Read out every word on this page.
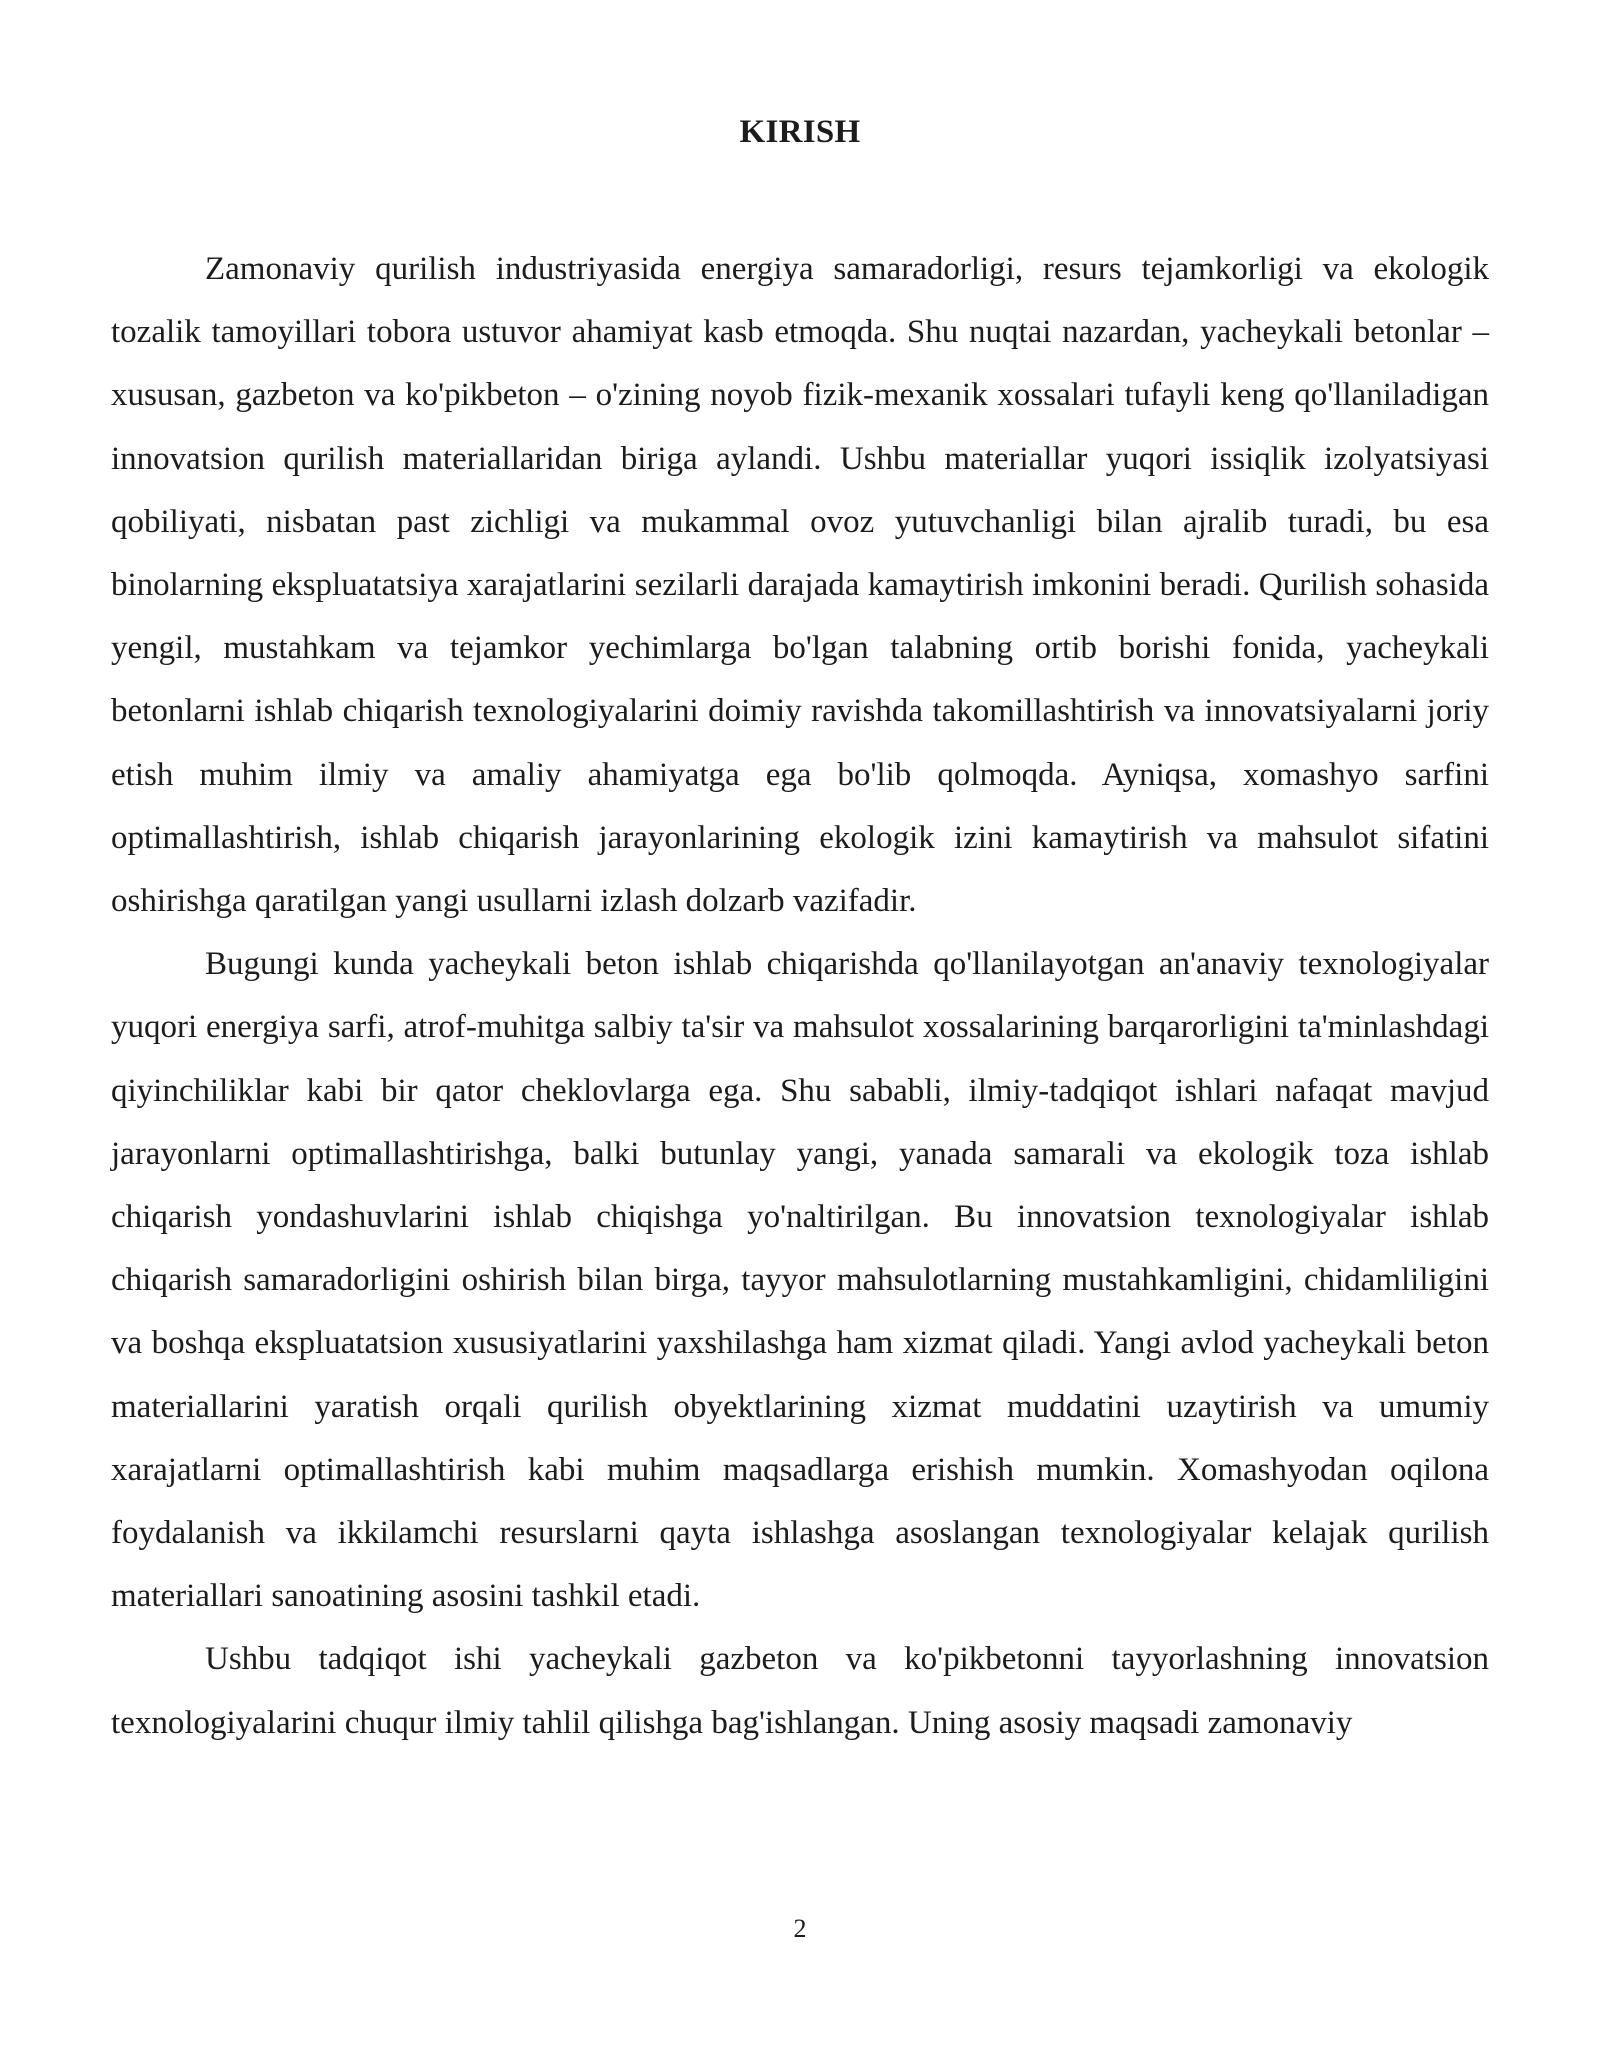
KIRISH

Zamonaviy qurilish industriyasida energiya samaradorligi, resurs tejamkorligi va ekologik tozalik tamoyillari tobora ustuvor ahamiyat kasb etmoqda. Shu nuqtai nazardan, yacheykali betonlar – xususan, gazbeton va ko'pikbeton – o'zining noyob fizik-mexanik xossalari tufayli keng qo'llaniladigan innovatsion qurilish materiallaridan biriga aylandi. Ushbu materiallar yuqori issiqlik izolyatsiyasi qobiliyati, nisbatan past zichligi va mukammal ovoz yutuvchanligi bilan ajralib turadi, bu esa binolarning ekspluatatsiya xarajatlarini sezilarli darajada kamaytirish imkonini beradi. Qurilish sohasida yengil, mustahkam va tejamkor yechimlarga bo'lgan talabning ortib borishi fonida, yacheykali betonlarni ishlab chiqarish texnologiyalarini doimiy ravishda takomillashtirish va innovatsiyalarni joriy etish muhim ilmiy va amaliy ahamiyatga ega bo'lib qolmoqda. Ayniqsa, xomashyo sarfini optimallashtirish, ishlab chiqarish jarayonlarining ekologik izini kamaytirish va mahsulot sifatini oshirishga qaratilgan yangi usullarni izlash dolzarb vazifadir.

Bugungi kunda yacheykali beton ishlab chiqarishda qo'llanilayotgan an'anaviy texnologiyalar yuqori energiya sarfi, atrof-muhitga salbiy ta'sir va mahsulot xossalarining barqarorligini ta'minlashdagi qiyinchiliklar kabi bir qator cheklovlarga ega. Shu sababli, ilmiy-tadqiqot ishlari nafaqat mavjud jarayonlarni optimallashtirishga, balki butunlay yangi, yanada samarali va ekologik toza ishlab chiqarish yondashuvlarini ishlab chiqishga yo'naltirilgan. Bu innovatsion texnologiyalar ishlab chiqarish samaradorligini oshirish bilan birga, tayyor mahsulotlarning mustahkamligini, chidamliligini va boshqa ekspluatatsion xususiyatlarini yaxshilashga ham xizmat qiladi. Yangi avlod yacheykali beton materiallarini yaratish orqali qurilish obyektlarining xizmat muddatini uzaytirish va umumiy xarajatlarni optimallashtirish kabi muhim maqsadlarga erishish mumkin. Xomashyodan oqilona foydalanish va ikkilamchi resurslarni qayta ishlashga asoslangan texnologiyalar kelajak qurilish materiallari sanoatining asosini tashkil etadi.

Ushbu tadqiqot ishi yacheykali gazbeton va ko'pikbetonni tayyorlashning innovatsion texnologiyalarini chuqur ilmiy tahlil qilishga bag'ishlangan. Uning asosiy maqsadi zamonaviy

2
